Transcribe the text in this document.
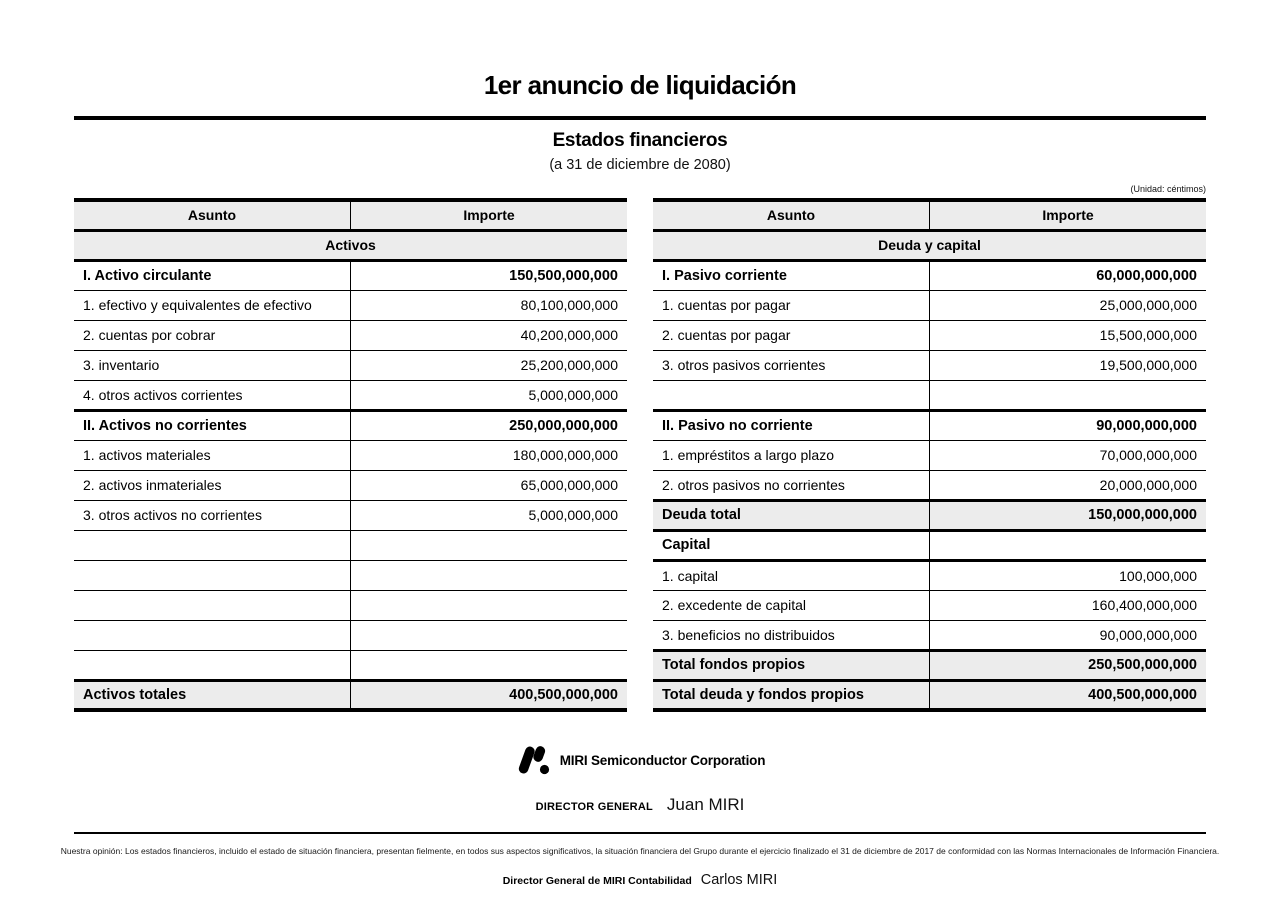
1er anuncio de liquidación
Estados financieros
(a 31 de diciembre de 2080)
(Unidad: céntimos)
Asunto	Importe
Activos	
I. Activo circulante	150,500,000,000
1. efectivo y equivalentes de efectivo	80,100,000,000
2. cuentas por cobrar	40,200,000,000
3. inventario	25,200,000,000
4. otros activos corrientes	5,000,000,000
II. Activos no corrientes	250,000,000,000
1. activos materiales	180,000,000,000
2. activos inmateriales	65,000,000,000
3. otros activos no corrientes	5,000,000,000

Activos totales	400,500,000,000
Asunto	Importe
Deuda y capital	
I. Pasivo corriente	60,000,000,000
1. cuentas por pagar	25,000,000,000
2. cuentas por pagar	15,500,000,000
3. otros pasivos corrientes	19,500,000,000

II. Pasivo no corriente	90,000,000,000
1. empréstitos a largo plazo	70,000,000,000
2. otros pasivos no corrientes	20,000,000,000
Deuda total	150,000,000,000
Capital	
1. capital	100,000,000
2. excedente de capital	160,400,000,000
3. beneficios no distribuidos	90,000,000,000
Total fondos propios	250,500,000,000
Total deuda y fondos propios	400,500,000,000
MIRI Semiconductor Corporation
DIRECTOR GENERAL Juan MIRI
Nuestra opinión: Los estados financieros, incluido el estado de situación financiera, presentan fielmente, en todos sus aspectos significativos, la situación financiera del Grupo durante el ejercicio finalizado el 31 de diciembre de 2017 de conformidad con las Normas Internacionales de Información Financiera.
Director General de MIRI Contabilidad Carlos MIRI
